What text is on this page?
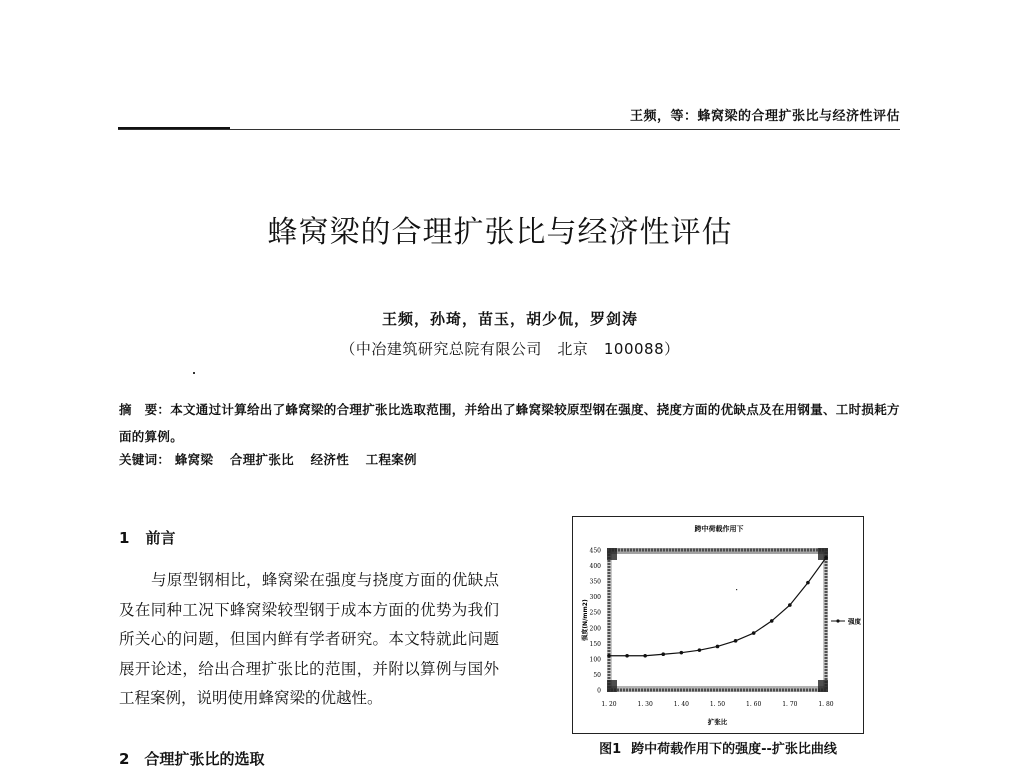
王频，等：蜂窝梁的合理扩张比与经济性评估
蜂窝梁的合理扩张比与经济性评估
王频，孙琦，苗玉，胡少侃，罗剑涛
（中冶建筑研究总院有限公司　北京　100088）
摘　要：本文通过计算给出了蜂窝梁的合理扩张比选取范围，并给出了蜂窝梁较原型钢在强度、挠度方面的优缺点及在用钢量、工时损耗方面的算例。
关键词： 蜂窝梁 合理扩张比 经济性 工程案例
1 前言

与原型钢相比，蜂窝梁在强度与挠度方面的优缺点及在同种工况下蜂窝梁较型钢于成本方面的优势为我们所关心的问题，但国内鲜有学者研究。本文特就此问题展开论述，给出合理扩张比的范围，并附以算例与国外工程案例，说明使用蜂窝梁的优越性。

2　合理扩张比的选取
跨中荷载作用下
0
50
100
150
200
250
300
350
400
450
1. 20	1. 30	1. 40	1. 50	1. 60	1. 70	1. 80
扩张比
强度(N/mm2)	强度
图1 跨中荷载作用下的强度--扩张比曲线
